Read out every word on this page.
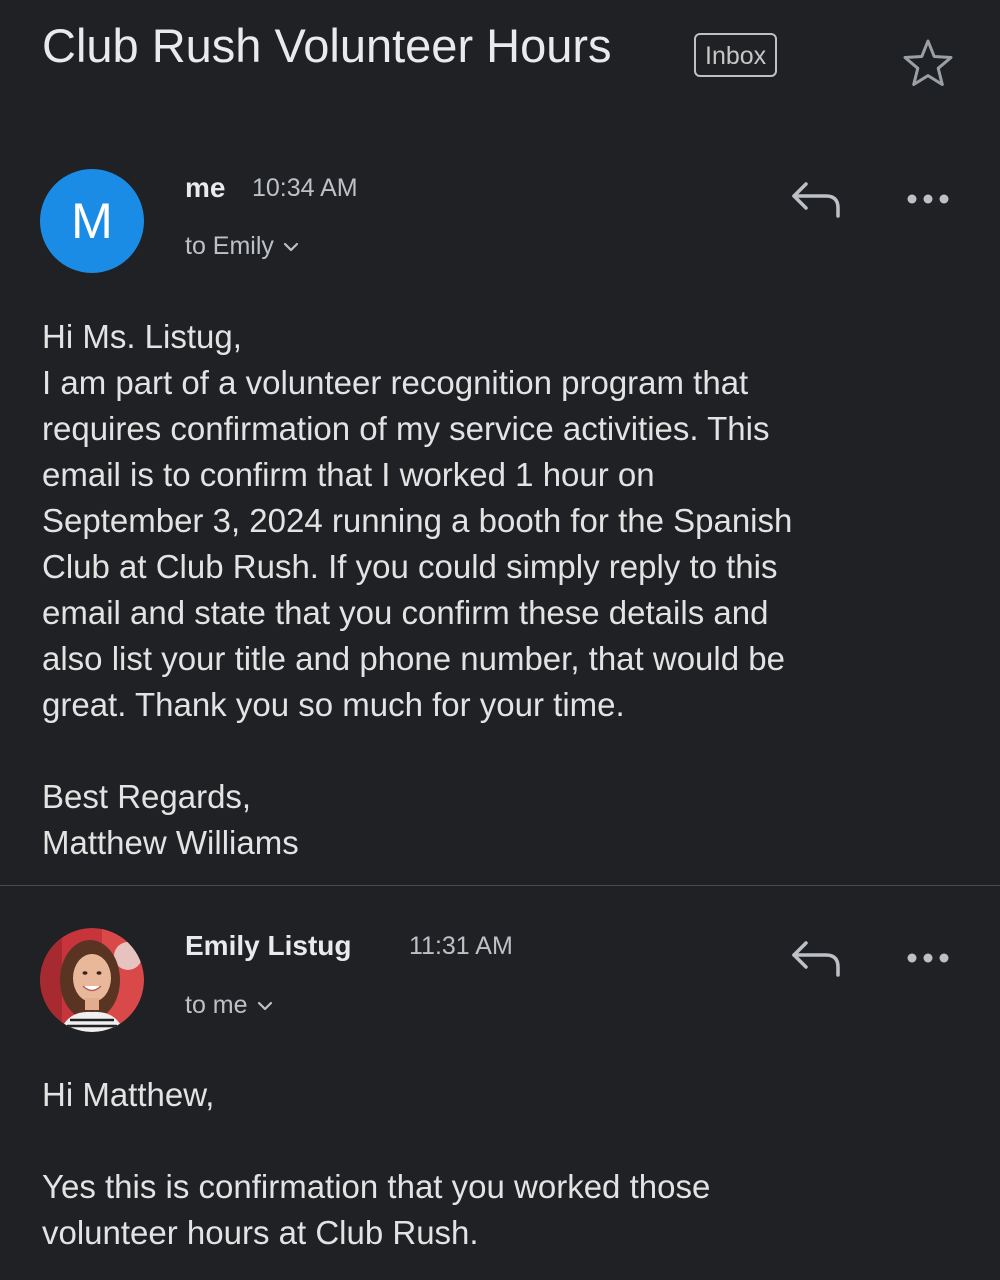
Club Rush Volunteer Hours	Inbox
M
me 10:34 AM
to Emily
Hi Ms. Listug,
I am part of a volunteer recognition program that
requires confirmation of my service activities. This
email is to confirm that I worked 1 hour on
September 3, 2024 running a booth for the Spanish
Club at Club Rush. If you could simply reply to this
email and state that you confirm these details and
also list your title and phone number, that would be
great. Thank you so much for your time.
Best Regards,
Matthew Williams
Emily Listug 11:31 AM
to me
Hi Matthew,
Yes this is confirmation that you worked those
volunteer hours at Club Rush.
